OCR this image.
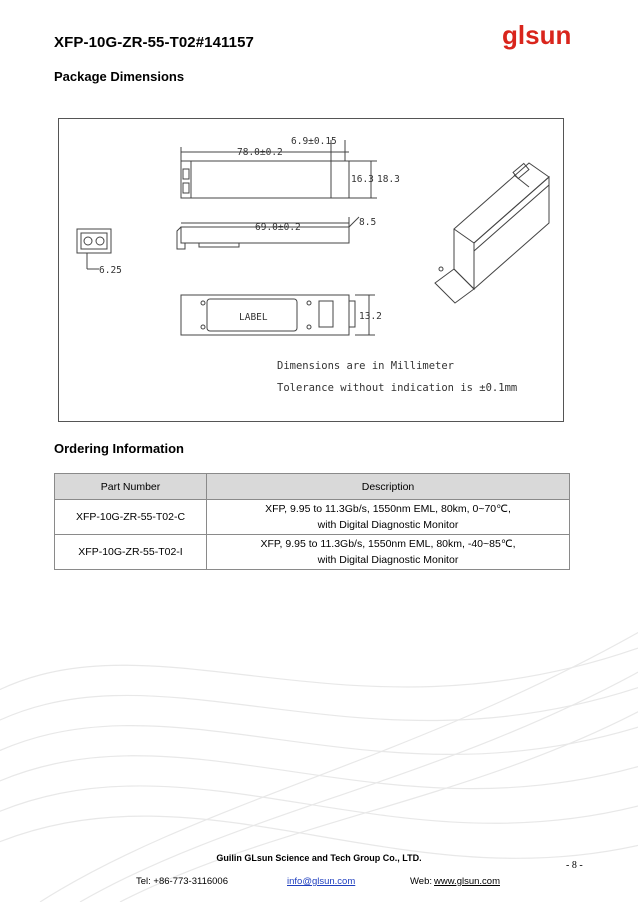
XFP-10G-ZR-55-T02#141157	glsun
Package Dimensions
78.0±0.2
6.9±0.15
16.3 18.3
69.0±0.2	8.5
6.25
13.2
LABEL
Dimensions are in Millimeter
Tolerance without indication is ±0.1mm
Ordering Information
Part Number	Description
XFP-10G-ZR-55-T02-C	XFP, 9.95 to 11.3Gb/s, 1550nm EML, 80km, 0~70℃,
with Digital Diagnostic Monitor

XFP-10G-ZR-55-T02-I	XFP, 9.95 to 11.3Gb/s, 1550nm EML, 80km, -40~85℃,
with Digital Diagnostic Monitor
Guilin GLsun Science and Tech Group Co., LTD.
- 8 -
Tel: +86-773-3116006	info@glsun.com	Web: www.glsun.com
